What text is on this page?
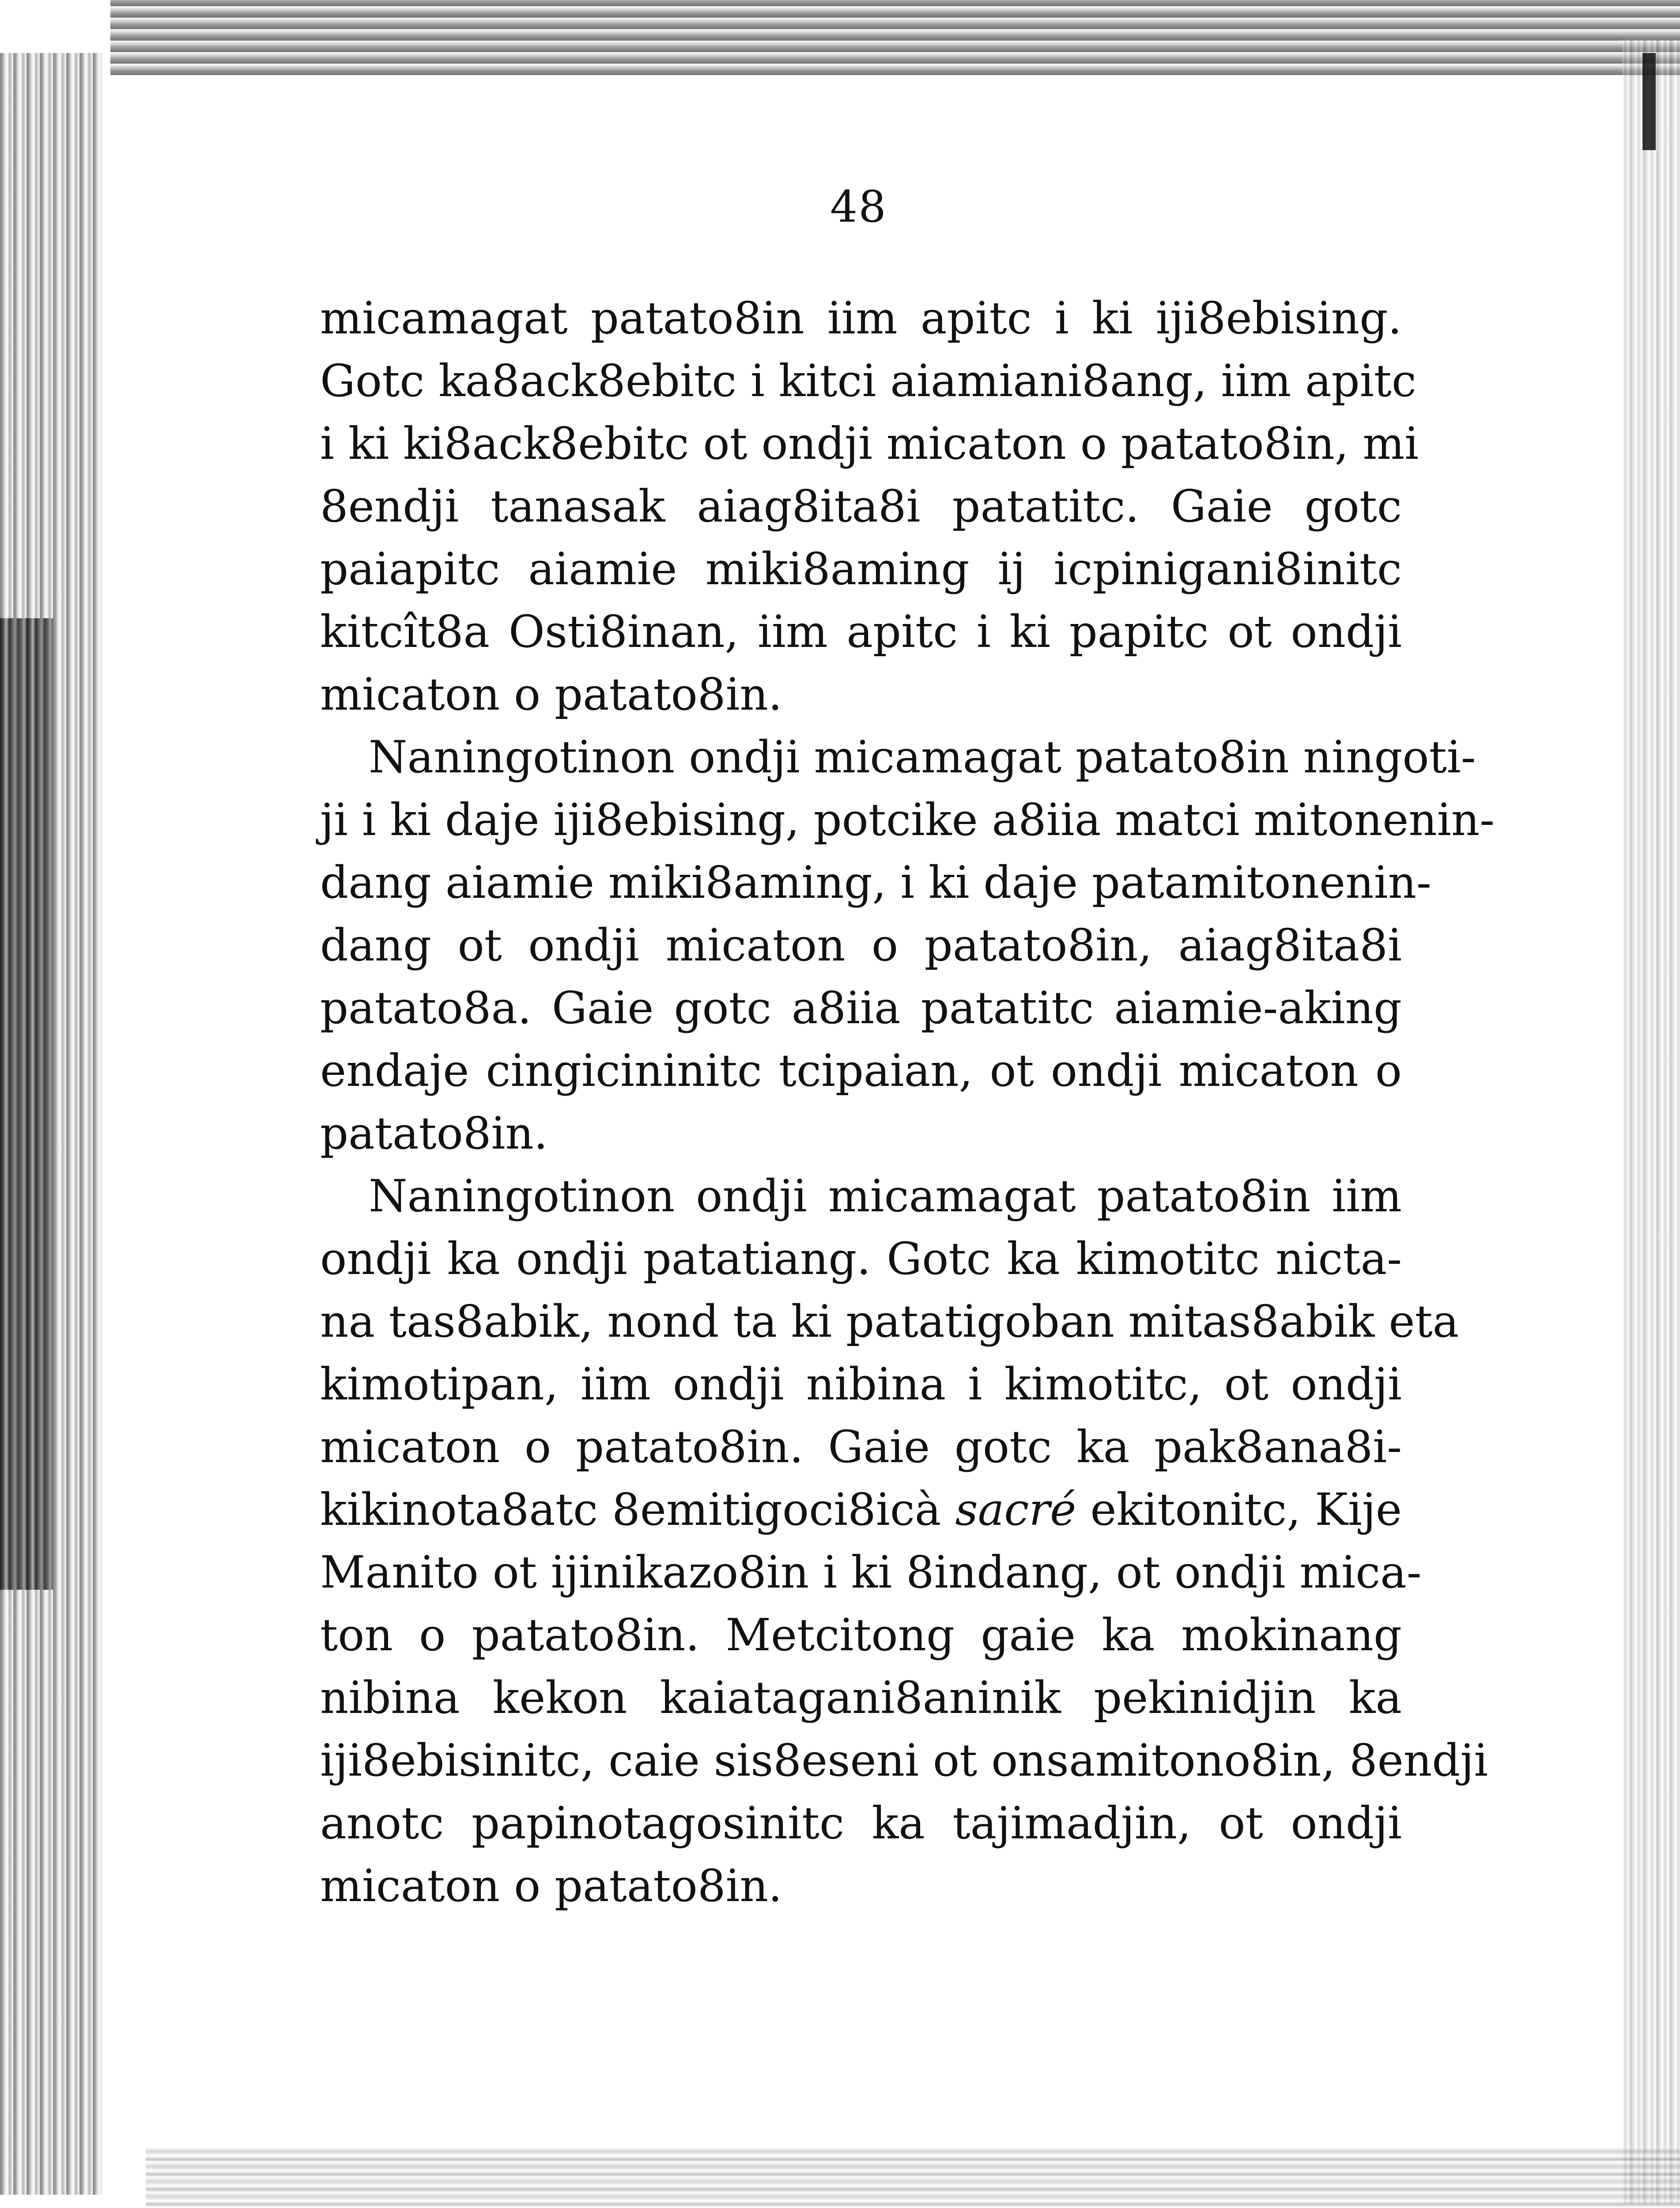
48
micamagat patato8in iim apitc i ki iji8ebising.
Gotc ka8ack8ebitc i kitci aiamiani8ang, iim apitc
i ki ki8ack8ebitc ot ondji micaton o patato8in, mi
8endji tanasak aiag8ita8i patatitc. Gaie gotc
paiapitc aiamie miki8aming ij icpinigani8initc
kitcît8a Osti8inan, iim apitc i ki papitc ot ondji
micaton o patato8in.
Naningotinon ondji micamagat patato8in ningoti-
ji i ki daje iji8ebising, potcike a8iia matci mitonenin-
dang aiamie miki8aming, i ki daje patamitonenin-
dang ot ondji micaton o patato8in, aiag8ita8i
patato8a. Gaie gotc a8iia patatitc aiamie-aking
endaje cingicininitc tcipaian, ot ondji micaton o
patato8in.
Naningotinon ondji micamagat patato8in iim
ondji ka ondji patatiang. Gotc ka kimotitc nicta-
na tas8abik, nond ta ki patatigoban mitas8abik eta
kimotipan, iim ondji nibina i kimotitc, ot ondji
micaton o patato8in. Gaie gotc ka pak8ana8i-
kikinota8atc 8emitigoci8icà sacré ekitonitc, Kije
Manito ot ijinikazo8in i ki 8indang, ot ondji mica-
ton o patato8in. Metcitong gaie ka mokinang
nibina kekon kaiatagani8aninik pekinidjin ka
iji8ebisinitc, caie sis8eseni ot onsamitono8in, 8endji
anotc papinotagosinitc ka tajimadjin, ot ondji
micaton o patato8in.
